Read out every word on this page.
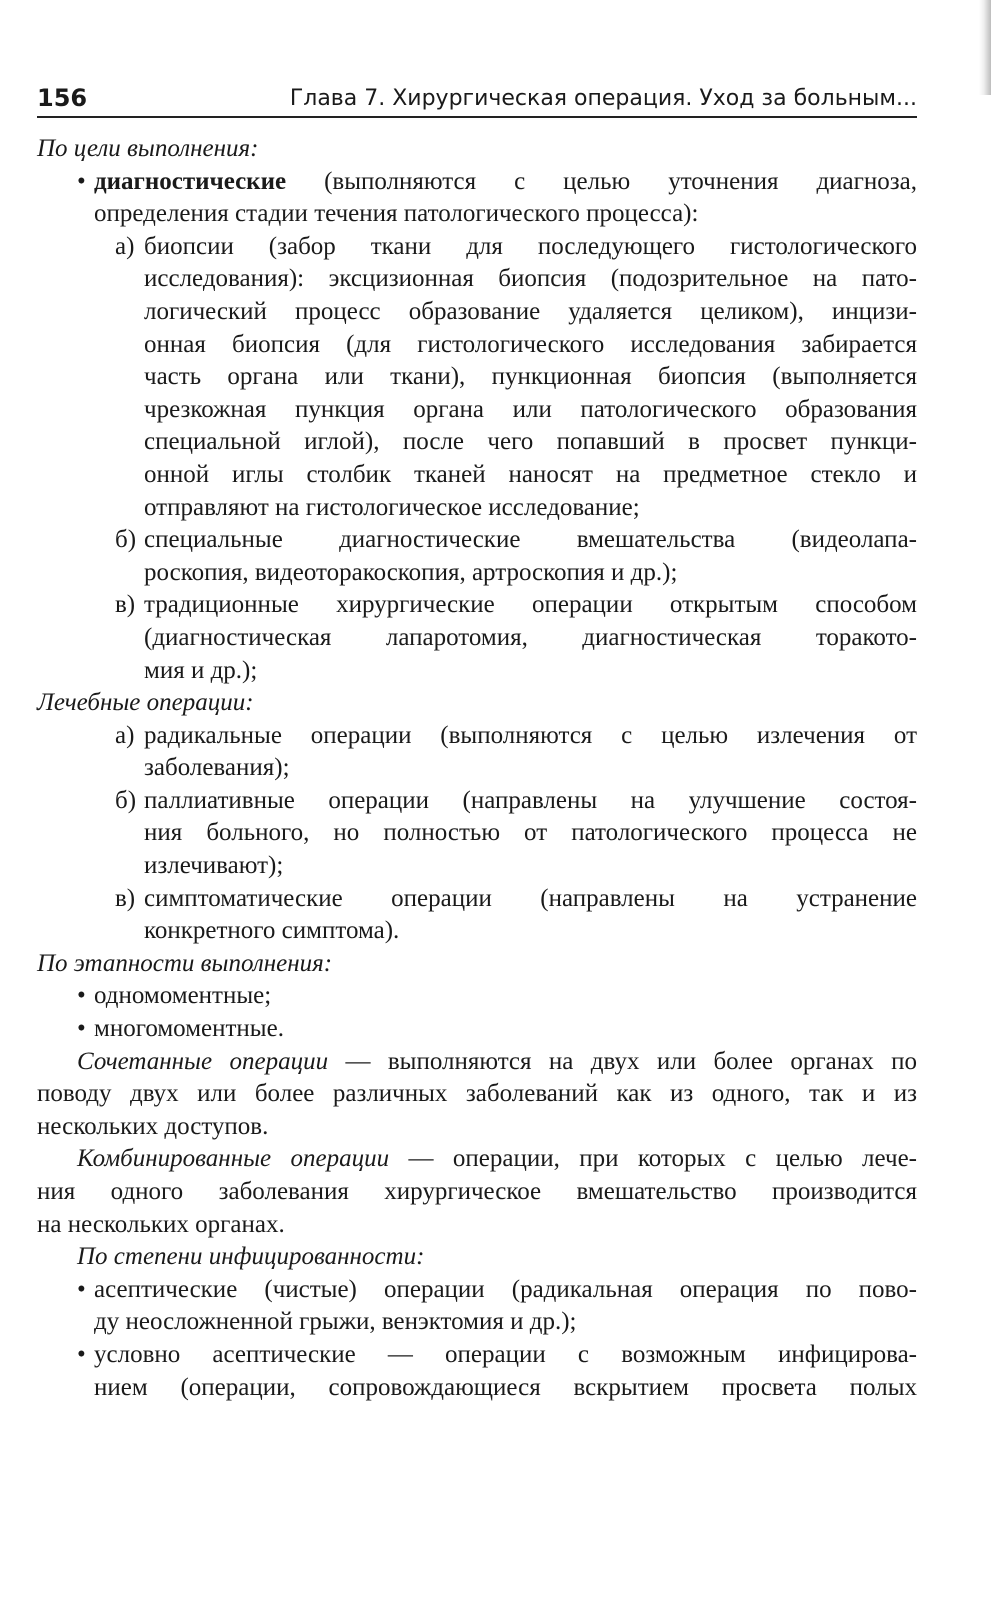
156	Глава 7. Хирургическая операция. Уход за больным...
По цели выполнения:
• диагностические (выполняются с целью уточнения диагноза,
определения стадии течения патологического процесса):
а) биопсии (забор ткани для последующего гистологического
исследования): эксцизионная биопсия (подозрительное на пато-
логический процесс образование удаляется целиком), инцизи-
онная биопсия (для гистологического исследования забирается
часть органа или ткани), пункционная биопсия (выполняется
чрезкожная пункция органа или патологического образования
специальной иглой), после чего попавший в просвет пункци-
онной иглы столбик тканей наносят на предметное стекло и
отправляют на гистологическое исследование;
б) специальные диагностические вмешательства (видеолапа-
роскопия, видеоторакоскопия, артроскопия и др.);
в) традиционные хирургические операции открытым способом
(диагностическая лапаротомия, диагностическая торакото-
мия и др.);
Лечебные операции:
а) радикальные операции (выполняются с целью излечения от
заболевания);
б) паллиативные операции (направлены на улучшение состоя-
ния больного, но полностью от патологического процесса не
излечивают);
в) симптоматические операции (направлены на устранение
конкретного симптома).
По этапности выполнения:
• одномоментные;
• многомоментные.
Сочетанные операции — выполняются на двух или более органах по
поводу двух или более различных заболеваний как из одного, так и из
нескольких доступов.
Комбинированные операции — операции, при которых с целью лече-
ния одного заболевания хирургическое вмешательство производится
на нескольких органах.
По степени инфицированности:
• асептические (чистые) операции (радикальная операция по пово-
ду неосложненной грыжи, венэктомия и др.);
• условно асептические — операции с возможным инфицирова-
нием (операции, сопровождающиеся вскрытием просвета полых
